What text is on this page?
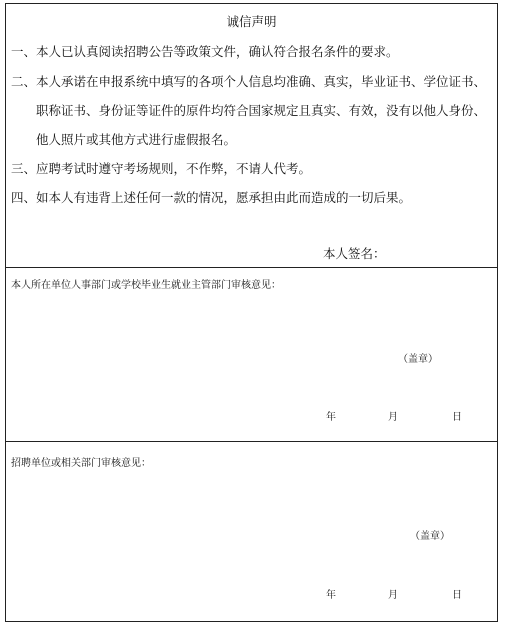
诚信声明
一、本人已认真阅读招聘公告等政策文件，确认符合报名条件的要求。
二、本人承诺在申报系统中填写的各项个人信息均准确、真实，毕业证书、学位证书、
职称证书、身份证等证件的原件均符合国家规定且真实、有效，没有以他人身份、
他人照片或其他方式进行虚假报名。
三、应聘考试时遵守考场规则，不作弊，不请人代考。
四、如本人有违背上述任何一款的情况，愿承担由此而造成的一切后果。
本人签名：
本人所在单位人事部门或学校毕业生就业主管部门审核意见：
（盖章）
年	月	日
招聘单位或相关部门审核意见：
（盖章）
年	月	日
